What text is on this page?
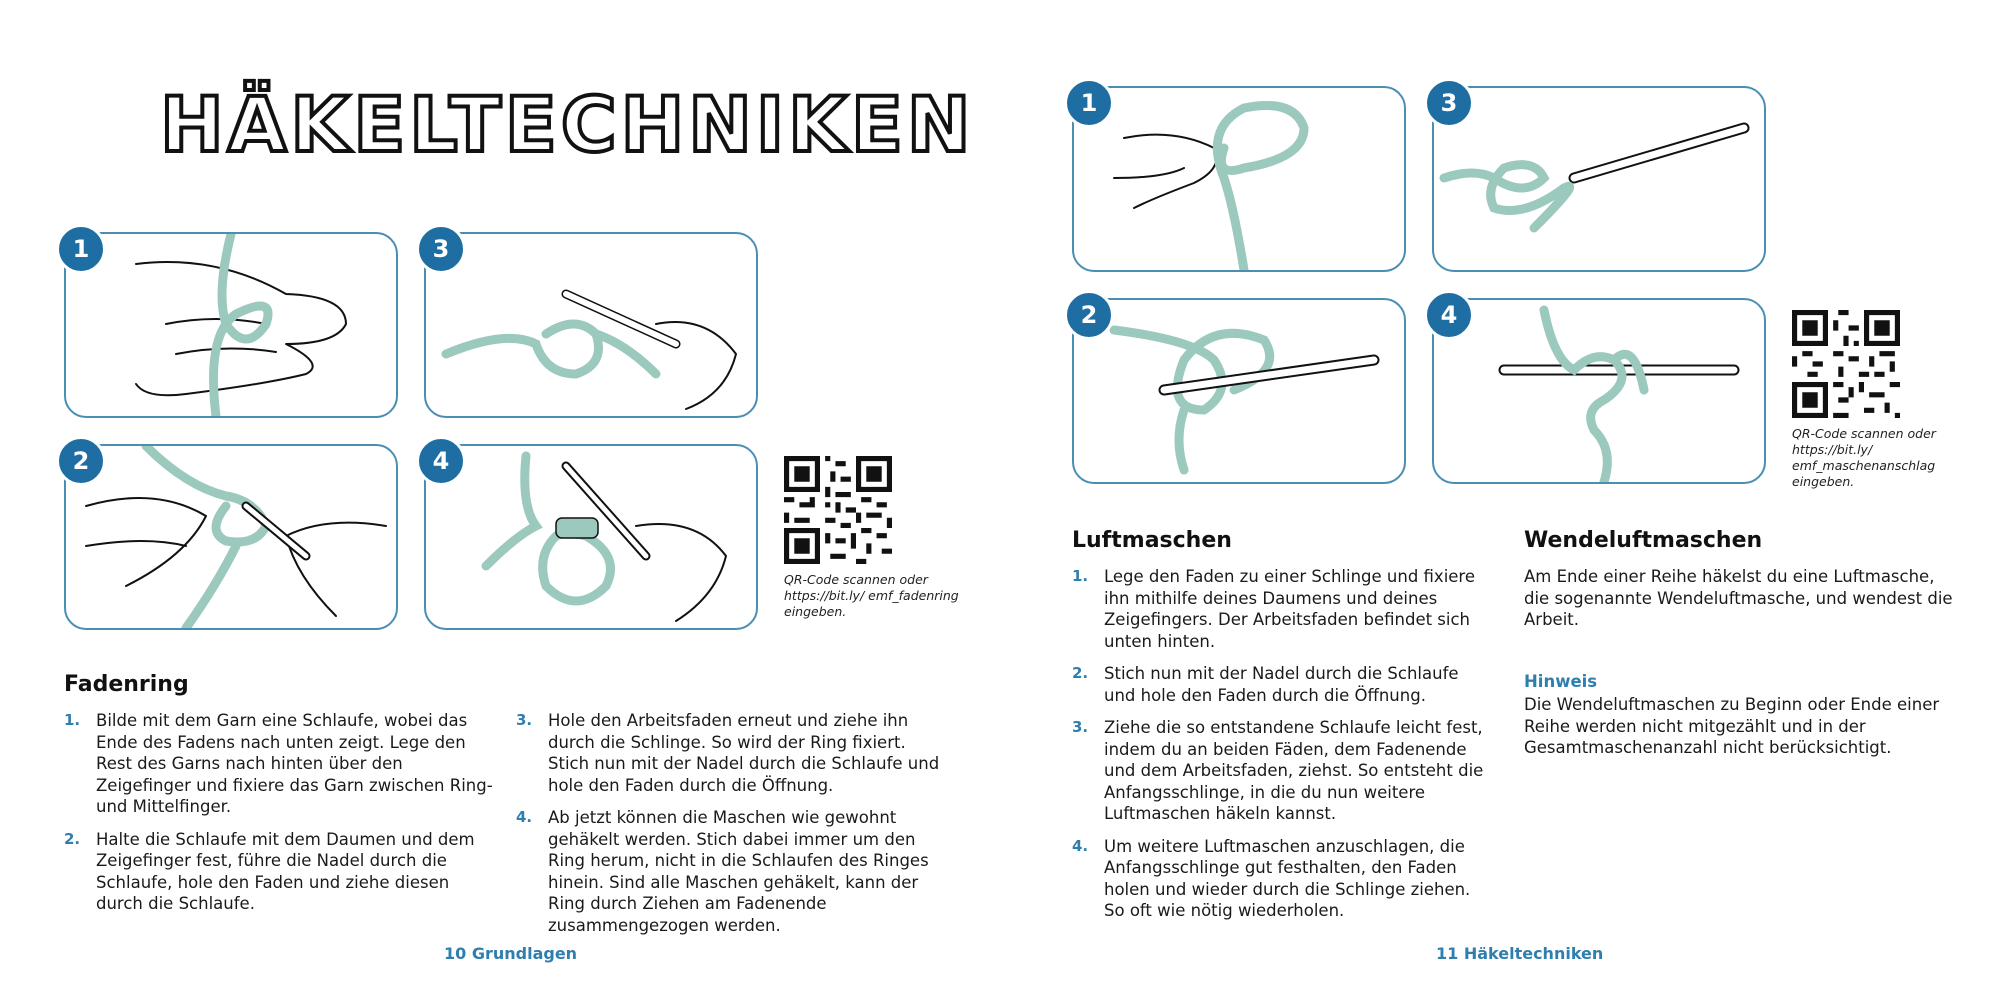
HÄKELTECHNIKEN
1	3
2	4
QR-Code scannen oder https://bit.ly/ emf_fadenring eingeben.
Fadenring
1. Bilde mit dem Garn eine Schlaufe, wobei das Ende des Fadens nach unten zeigt. Lege den Rest des Garns nach hinten über den Zeigefinger und fixiere das Garn zwischen Ring- und Mittelfinger.
2. Halte die Schlaufe mit dem Daumen und dem Zeigefinger fest, führe die Nadel durch die Schlaufe, hole den Faden und ziehe diesen durch die Schlaufe.
3. Hole den Arbeitsfaden erneut und ziehe ihn durch die Schlinge. So wird der Ring fixiert. Stich nun mit der Nadel durch die Schlaufe und hole den Faden durch die Öffnung.
4. Ab jetzt können die Maschen wie gewohnt gehäkelt werden. Stich dabei immer um den Ring herum, nicht in die Schlaufen des Ringes hinein. Sind alle Maschen gehäkelt, kann der Ring durch Ziehen am Fadenende zusammengezogen werden.
10 Grundlagen
1	3
2	4
QR-Code scannen oder https://bit.ly/ emf_maschenanschlag eingeben.
Luftmaschen
1. Lege den Faden zu einer Schlinge und fixiere ihn mithilfe deines Daumens und deines Zeigefingers. Der Arbeitsfaden befindet sich unten hinten.
2. Stich nun mit der Nadel durch die Schlaufe und hole den Faden durch die Öffnung.
3. Ziehe die so entstandene Schlaufe leicht fest, indem du an beiden Fäden, dem Fadenende und dem Arbeitsfaden, ziehst. So entsteht die Anfangsschlinge, in die du nun weitere Luftmaschen häkeln kannst.
4. Um weitere Luftmaschen anzuschlagen, die Anfangsschlinge gut festhalten, den Faden holen und wieder durch die Schlinge ziehen. So oft wie nötig wiederholen.
Wendeluftmaschen

Am Ende einer Reihe häkelst du eine Luftmasche, die sogenannte Wendeluftmasche, und wendest die Arbeit.

Hinweis

Die Wendeluftmaschen zu Beginn oder Ende einer Reihe werden nicht mitgezählt und in der Gesamtmaschenanzahl nicht berücksichtigt.

11 Häkeltechniken
